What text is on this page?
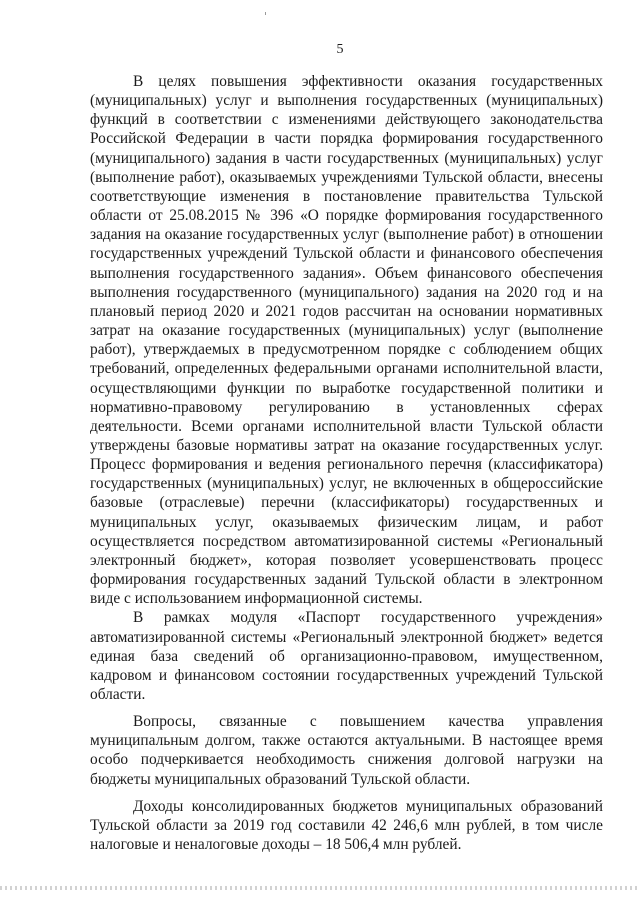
5

В целях повышения эффективности оказания государственных (муниципальных) услуг и выполнения государственных (муниципальных) функций в соответствии с изменениями действующего законодательства Российской Федерации в части порядка формирования государственного (муниципального) задания в части государственных (муниципальных) услуг (выполнение работ), оказываемых учреждениями Тульской области, внесены соответствующие изменения в постановление правительства Тульской области от 25.08.2015 № 396 «О порядке формирования государственного задания на оказание государственных услуг (выполнение работ) в отношении государственных учреждений Тульской области и финансового обеспечения выполнения государственного задания». Объем финансового обеспечения выполнения государственного (муниципального) задания на 2020 год и на плановый период 2020 и 2021 годов рассчитан на основании нормативных затрат на оказание государственных (муниципальных) услуг (выполнение работ), утверждаемых в предусмотренном порядке с соблюдением общих требований, определенных федеральными органами исполнительной власти, осуществляющими функции по выработке государственной политики и нормативно-правовому регулированию в установленных сферах деятельности. Всеми органами исполнительной власти Тульской области утверждены базовые нормативы затрат на оказание государственных услуг. Процесс формирования и ведения регионального перечня (классификатора) государственных (муниципальных) услуг, не включенных в общероссийские базовые (отраслевые) перечни (классификаторы) государственных и муниципальных услуг, оказываемых физическим лицам, и работ осуществляется посредством автоматизированной системы «Региональный электронный бюджет», которая позволяет усовершенствовать процесс формирования государственных заданий Тульской области в электронном виде с использованием информационной системы.

В рамках модуля «Паспорт государственного учреждения» автоматизированной системы «Региональный электронной бюджет» ведется единая база сведений об организационно-правовом, имущественном, кадровом и финансовом состоянии государственных учреждений Тульской области.

Вопросы, связанные с повышением качества управления муниципальным долгом, также остаются актуальными. В настоящее время особо подчеркивается необходимость снижения долговой нагрузки на бюджеты муниципальных образований Тульской области.

Доходы консолидированных бюджетов муниципальных образований Тульской области за 2019 год составили 42 246,6 млн рублей, в том числе налоговые и неналоговые доходы – 18 506,4 млн рублей.
